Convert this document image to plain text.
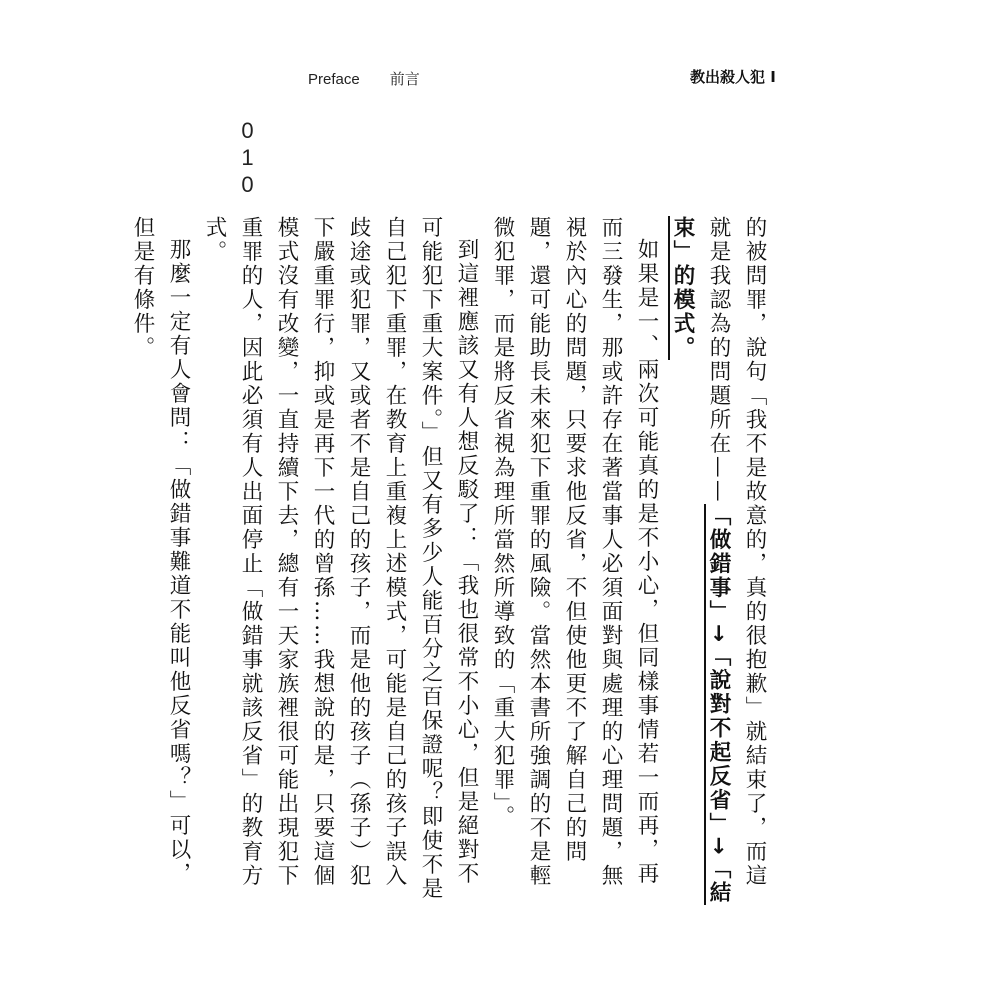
Preface 前言	教出殺人犯 I
010

的被問罪，說句「我不是故意的，真的很抱歉」就結束了，而這就是我認為的問題所在——「做錯事」→「說對不起反省」→「結束」的模式。

如果是一、兩次可能真的是不小心，但同樣事情若一而再，再而三發生，那或許存在著當事人必須面對與處理的心理問題，無視於內心的問題，只要求他反省，不但使他更不了解自己的問題，還可能助長未來犯下重罪的風險。當然本書所強調的不是輕微犯罪，而是將反省視為理所當然所導致的「重大犯罪」。

到這裡應該又有人想反駁了：「我也很常不小心，但是絕對不可能犯下重大案件。」但又有多少人能百分之百保證呢？即使不是自己犯下重罪，在教育上重複上述模式，可能是自己的孩子誤入歧途或犯罪，又或者不是自己的孩子，而是他的孩子（孫子）犯下嚴重罪行，抑或是再下一代的曾孫……我想說的是，只要這個模式沒有改變，一直持續下去，總有一天家族裡很可能出現犯下重罪的人，因此必須有人出面停止「做錯事就該反省」的教育方式。

那麼一定有人會問：「做錯事難道不能叫他反省嗎？」可以，但是有條件。
